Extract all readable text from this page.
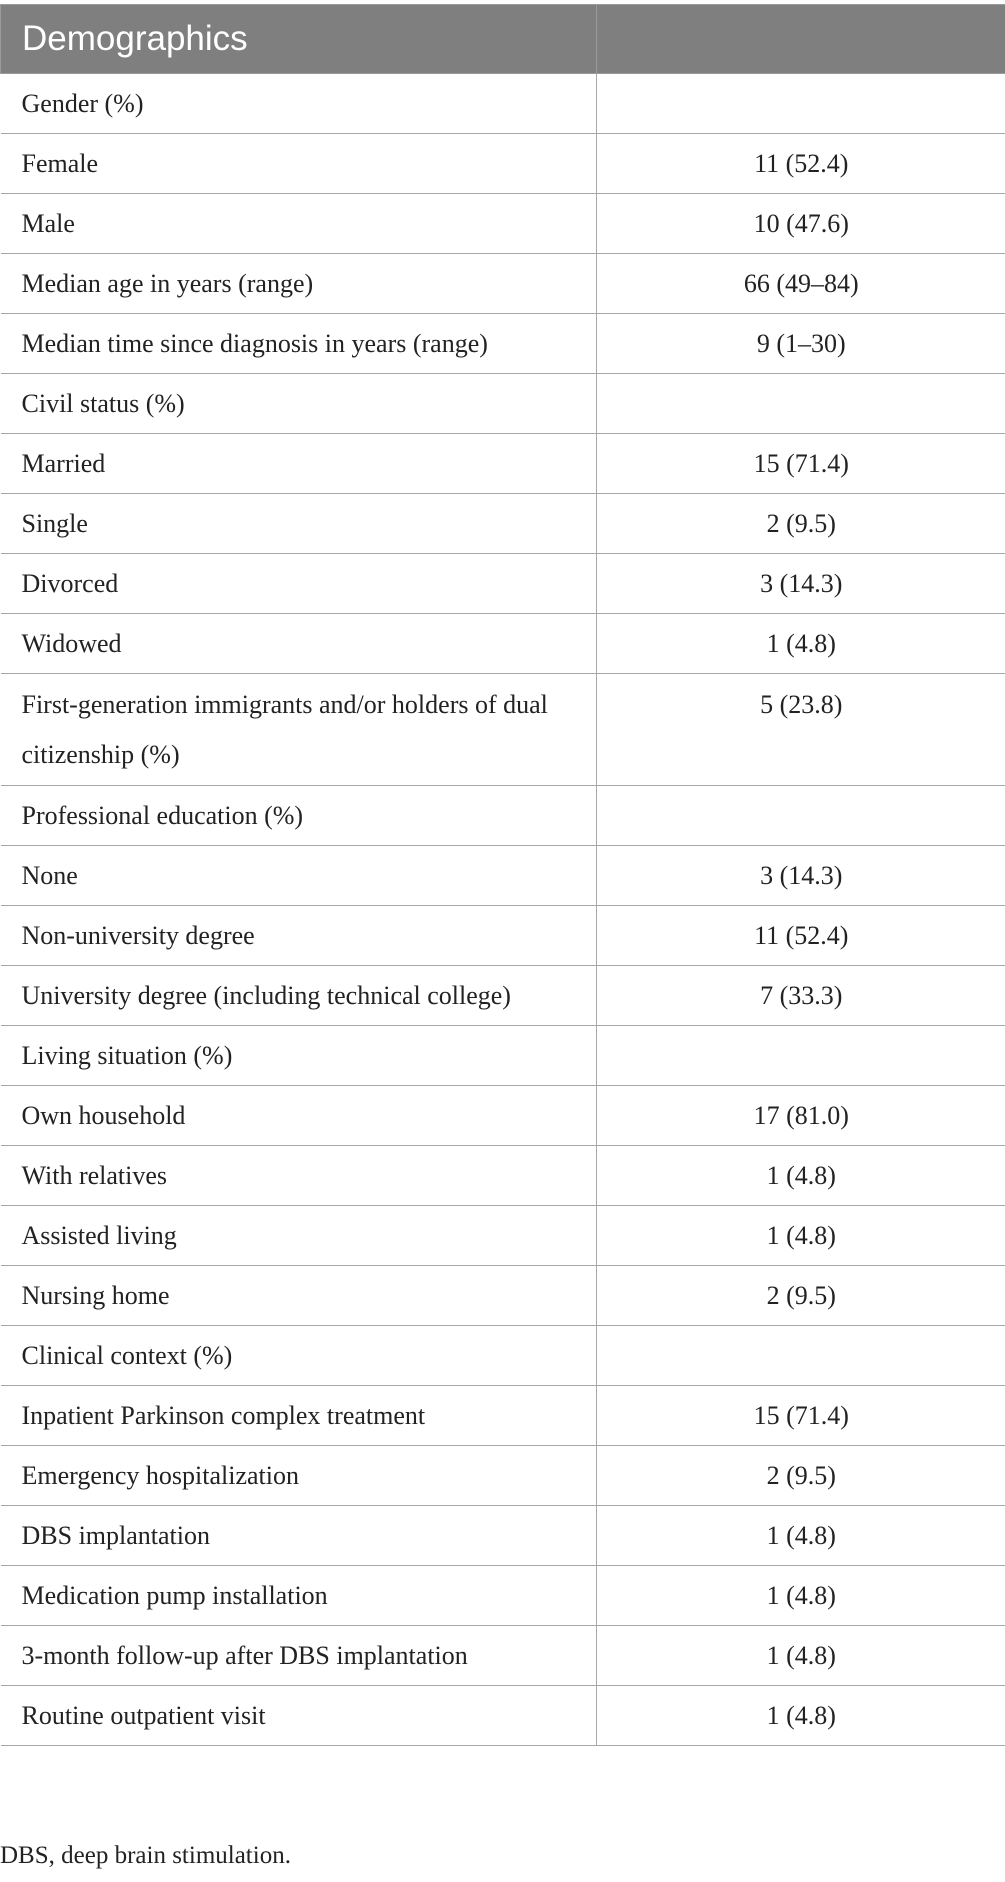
Demographics	
Gender (%)	
Female	11 (52.4)
Male	10 (47.6)
Median age in years (range)	66 (49–84)
Median time since diagnosis in years (range)	9 (1–30)
Civil status (%)	
Married	15 (71.4)
Single	2 (9.5)
Divorced	3 (14.3)
Widowed	1 (4.8)
First-generation immigrants and/or holders of dual citizenship (%)	5 (23.8)
Professional education (%)	
None	3 (14.3)
Non-university degree	11 (52.4)
University degree (including technical college)	7 (33.3)
Living situation (%)	
Own household	17 (81.0)
With relatives	1 (4.8)
Assisted living	1 (4.8)
Nursing home	2 (9.5)
Clinical context (%)	
Inpatient Parkinson complex treatment	15 (71.4)
Emergency hospitalization	2 (9.5)
DBS implantation	1 (4.8)
Medication pump installation	1 (4.8)
3-month follow-up after DBS implantation	1 (4.8)
Routine outpatient visit	1 (4.8)

DBS, deep brain stimulation.
